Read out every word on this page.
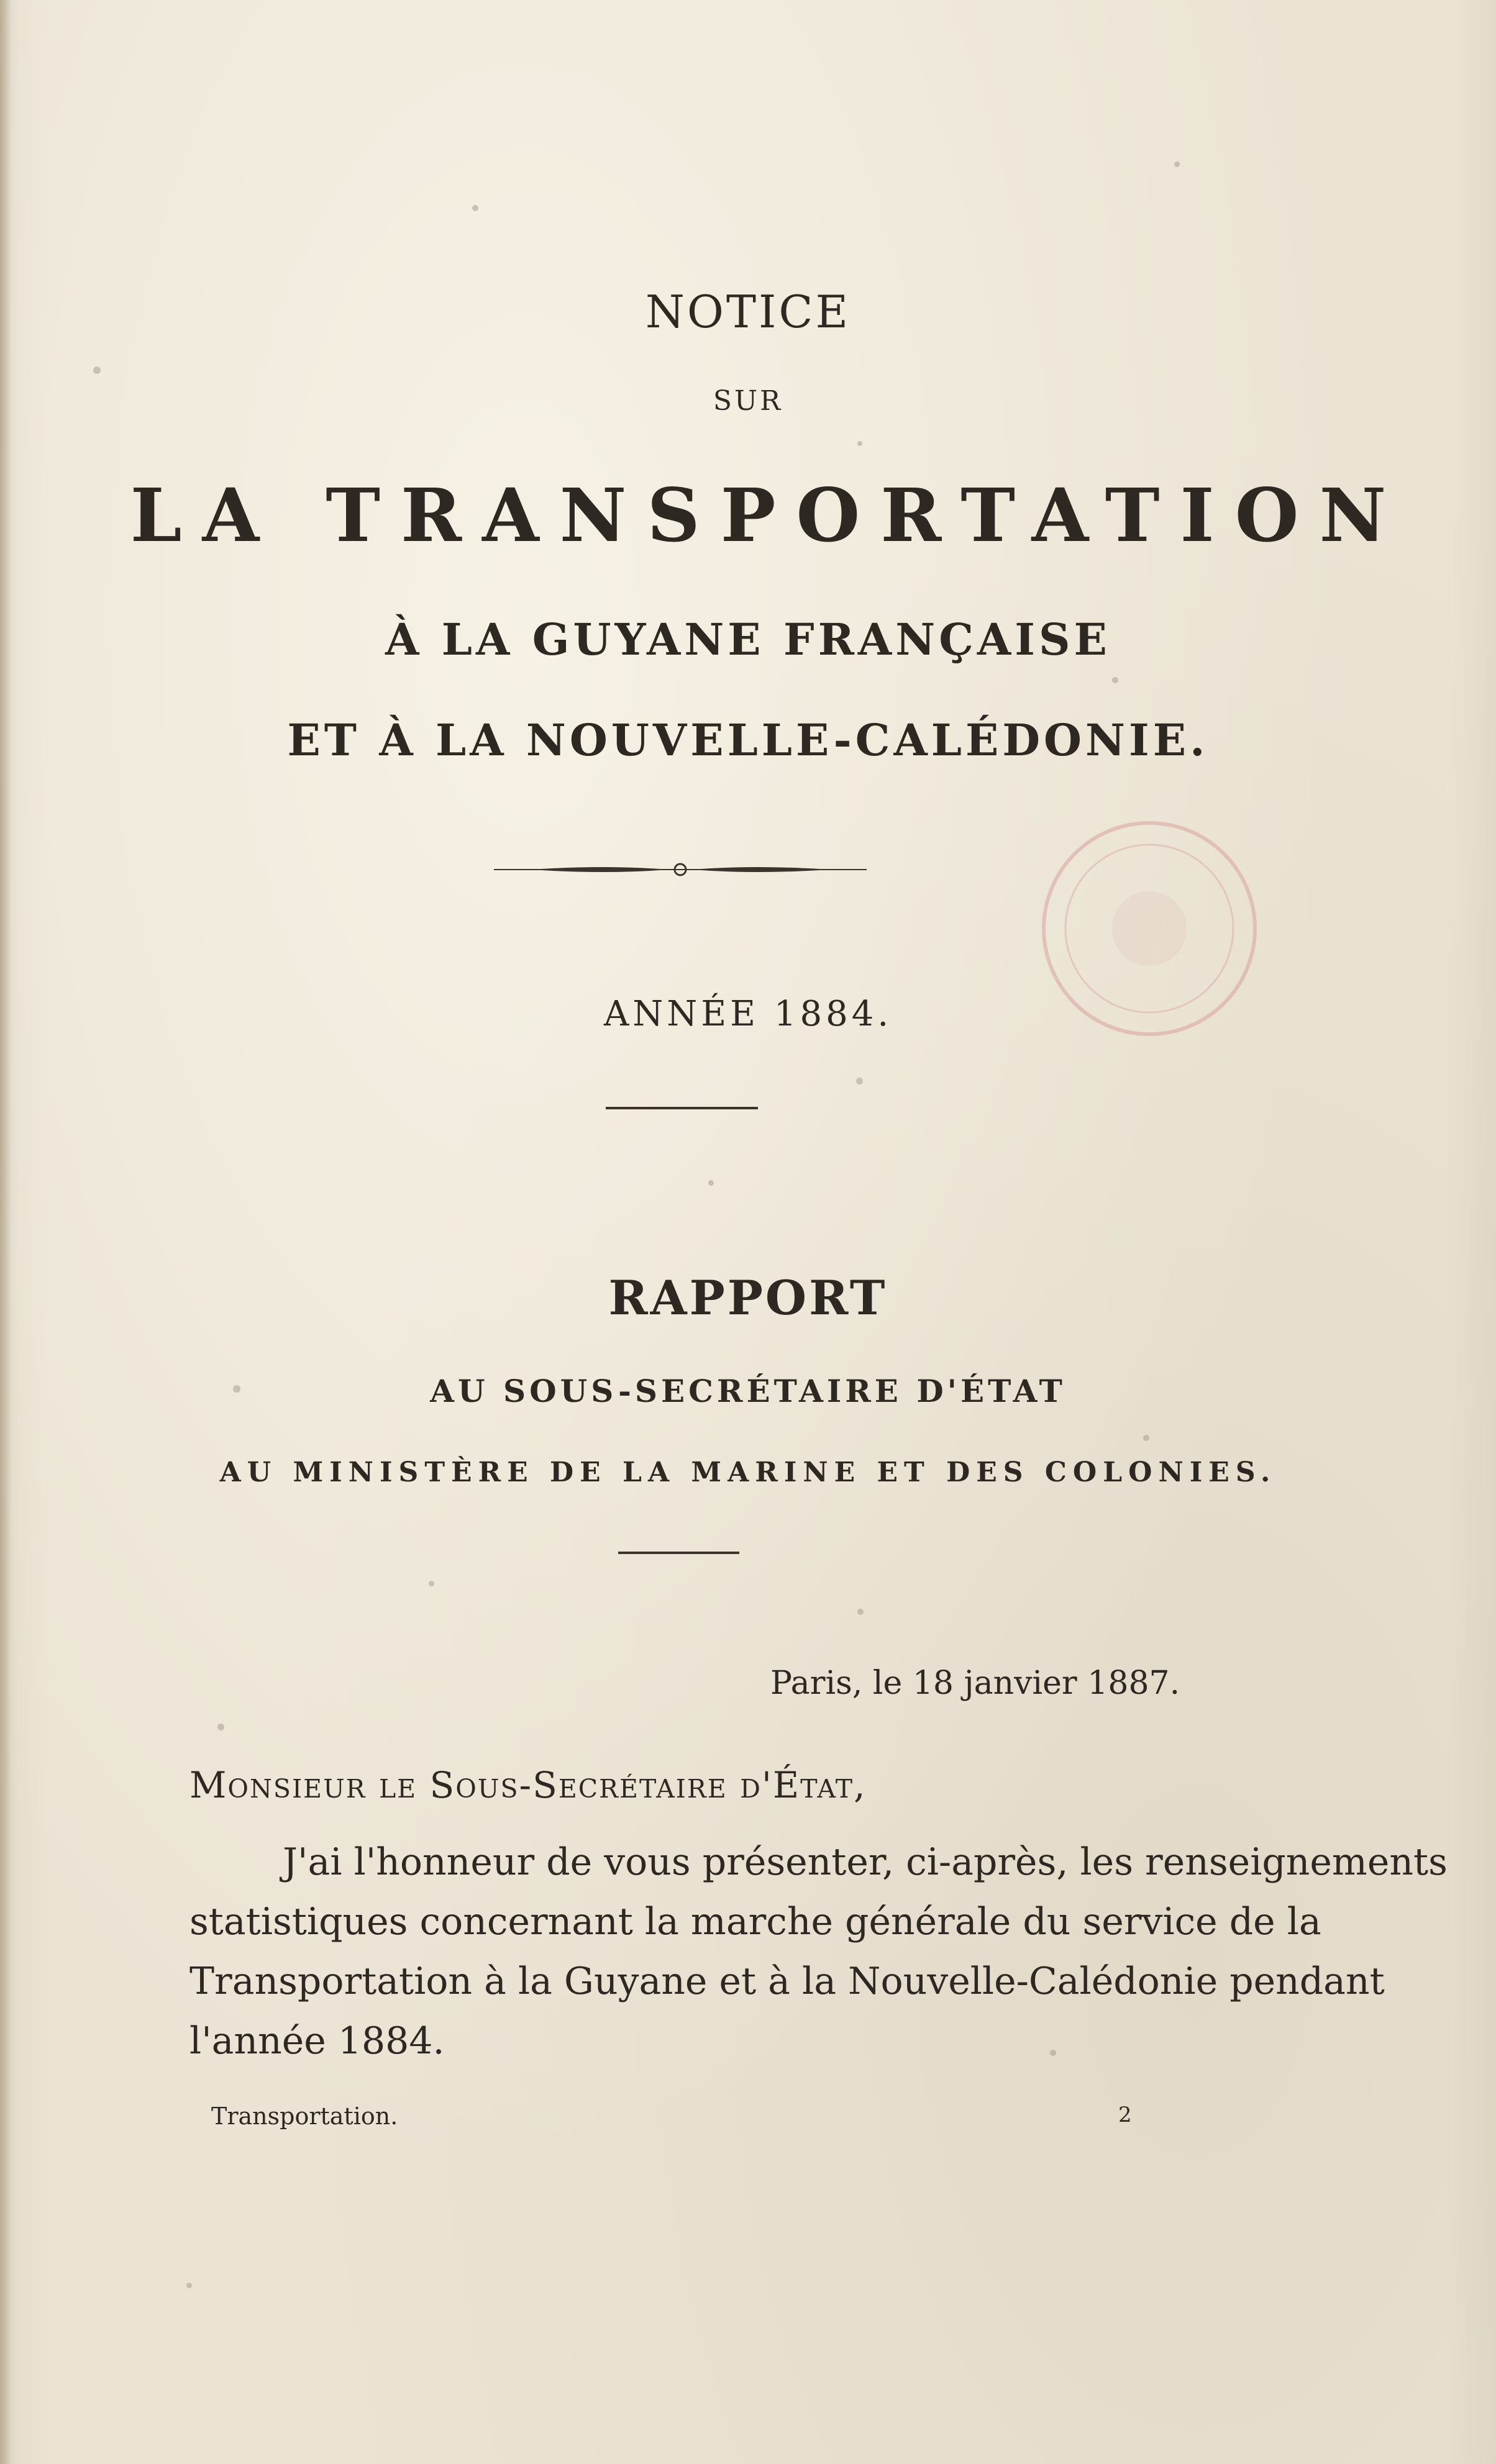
NOTICE
SUR
LA TRANSPORTATION
À LA GUYANE FRANÇAISE
ET À LA NOUVELLE-CALÉDONIE.
ANNÉE 1884.
RAPPORT
AU SOUS-SECRÉTAIRE D'ÉTAT
AU MINISTÈRE DE LA MARINE ET DES COLONIES.
Paris, le 18 janvier 1887.
Monsieur le Sous-Secrétaire d'État,
J'ai l'honneur de vous présenter, ci-après, les renseignements
statistiques concernant la marche générale du service de la
Transportation à la Guyane et à la Nouvelle-Calédonie pendant
l'année 1884.
Transportation.	2
